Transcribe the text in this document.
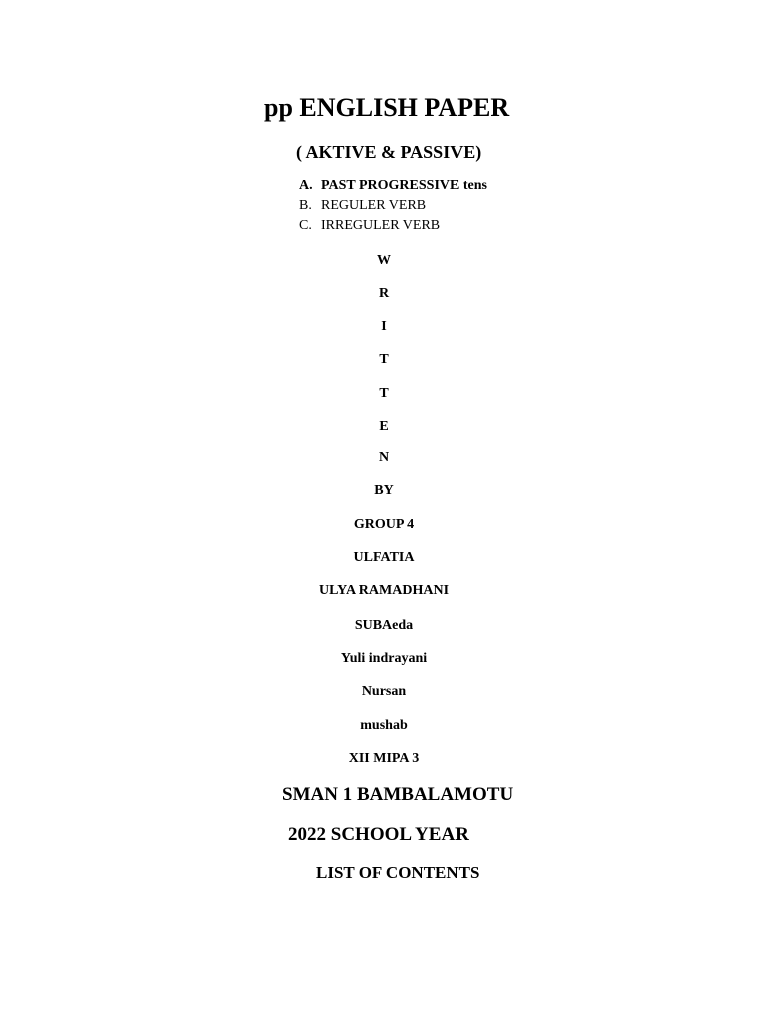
pp ENGLISH PAPER
( AKTIVE & PASSIVE)
A. PAST PROGRESSIVE tens
B. REGULER VERB
C. IRREGULER VERB
W
R
I
T
T
E
N
BY
GROUP 4
ULFATIA
ULYA RAMADHANI
SUBAeda
Yuli indrayani
Nursan
mushab
XII MIPA 3
SMAN 1 BAMBALAMOTU
2022 SCHOOL YEAR
LIST OF CONTENTS
